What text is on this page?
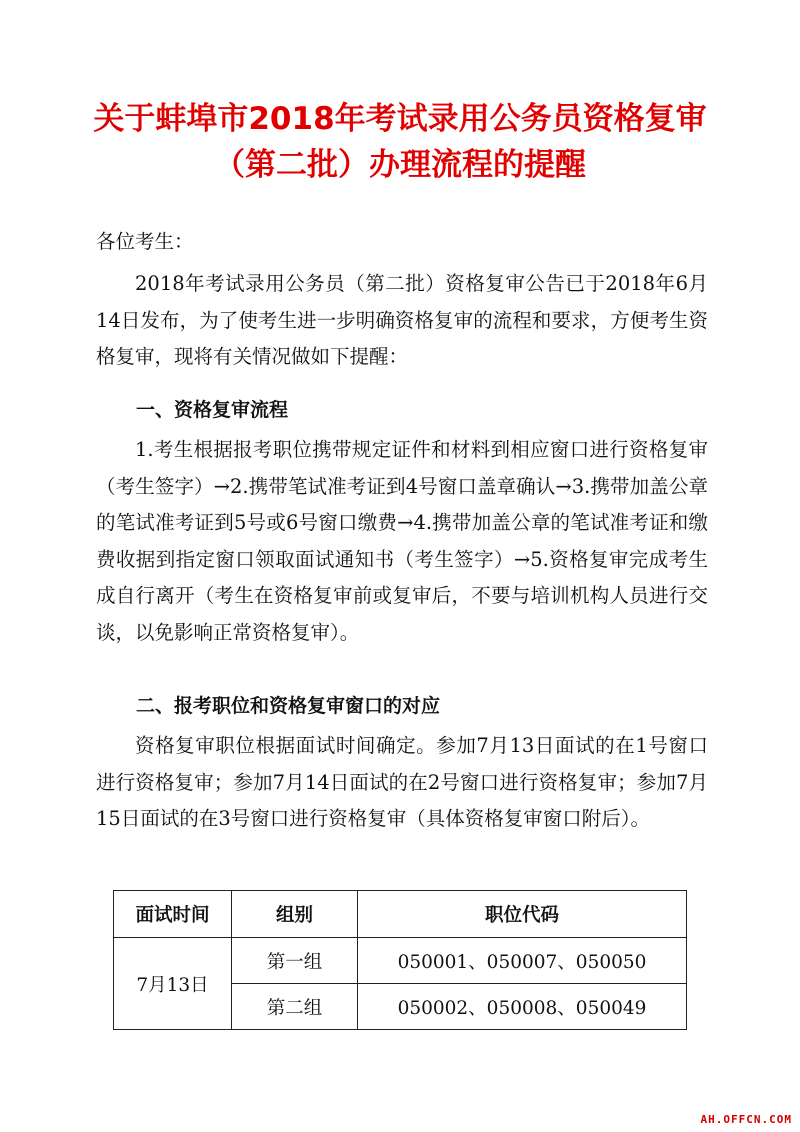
关于蚌埠市2018年考试录用公务员资格复审
（第二批）办理流程的提醒
各位考生：
2018年考试录用公务员（第二批）资格复审公告已于2018年6月14日发布，为了使考生进一步明确资格复审的流程和要求，方便考生资格复审，现将有关情况做如下提醒：
一、资格复审流程
1.考生根据报考职位携带规定证件和材料到相应窗口进行资格复审（考生签字）→2.携带笔试准考证到4号窗口盖章确认→3.携带加盖公章的笔试准考证到5号或6号窗口缴费→4.携带加盖公章的笔试准考证和缴费收据到指定窗口领取面试通知书（考生签字）→5.资格复审完成考生成自行离开（考生在资格复审前或复审后，不要与培训机构人员进行交谈，以免影响正常资格复审）。
二、报考职位和资格复审窗口的对应
资格复审职位根据面试时间确定。参加7月13日面试的在1号窗口进行资格复审；参加7月14日面试的在2号窗口进行资格复审；参加7月15日面试的在3号窗口进行资格复审（具体资格复审窗口附后）。
面试时间	组别	职位代码
7月13日	第一组	050001、050007、050050
	第二组	050002、050008、050049
AH.OFFCN.COM
